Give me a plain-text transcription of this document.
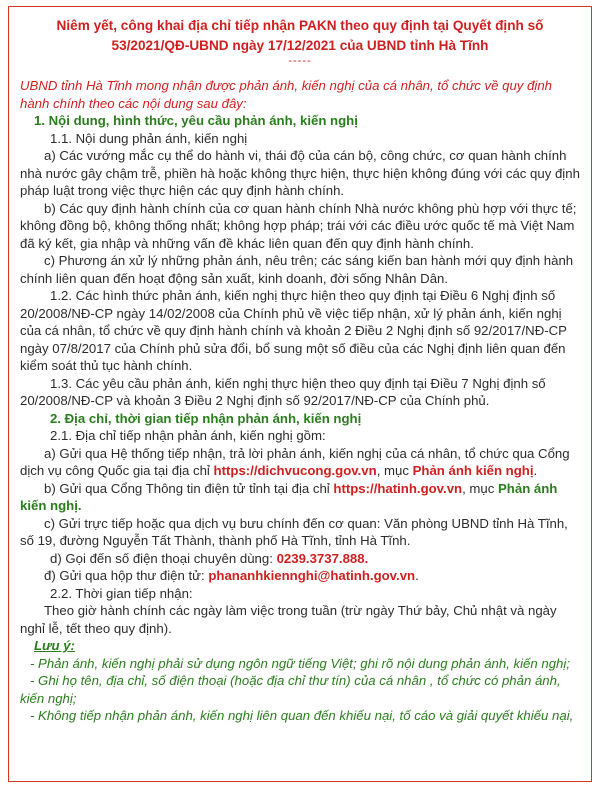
Niêm yết, công khai địa chỉ tiếp nhận PAKN theo quy định tại Quyết định số

53/2021/QĐ-UBND ngày 17/12/2021 của UBND tỉnh Hà Tĩnh

-----

UBND tỉnh Hà Tĩnh mong nhận được phản ánh, kiến nghị của cá nhân, tổ chức về quy định hành chính theo các nội dung sau đây:

1. Nội dung, hình thức, yêu cầu phản ánh, kiến nghị

1.1. Nội dung phản ánh, kiến nghị

a) Các vướng mắc cụ thể do hành vi, thái độ của cán bộ, công chức, cơ quan hành chính nhà nước gây chậm trễ, phiền hà hoặc không thực hiện, thực hiện không đúng với các quy định pháp luật trong việc thực hiện các quy định hành chính.

b) Các quy định hành chính của cơ quan hành chính Nhà nước không phù hợp với thực tế; không đồng bộ, không thống nhất; không hợp pháp; trái với các điều ước quốc tế mà Việt Nam đã ký kết, gia nhập và những vấn đề khác liên quan đến quy định hành chính.

c) Phương án xử lý những phản ánh, nêu trên; các sáng kiến ban hành mới quy định hành chính liên quan đến hoạt động sản xuất, kinh doanh, đời sống Nhân Dân.

1.2. Các hình thức phản ánh, kiến nghị thực hiện theo quy định tại Điều 6 Nghị định số 20/2008/NĐ-CP ngày 14/02/2008 của Chính phủ về việc tiếp nhận, xử lý phản ánh, kiến nghị của cá nhân, tổ chức về quy định hành chính và khoản 2 Điều 2 Nghị định số 92/2017/NĐ-CP ngày 07/8/2017 của Chính phủ sửa đổi, bổ sung một số điều của các Nghị định liên quan đến kiểm soát thủ tục hành chính.

1.3. Các yêu cầu phản ánh, kiến nghị thực hiện theo quy định tại Điều 7 Nghị định số 20/2008/NĐ-CP và khoản 3 Điều 2 Nghị định số 92/2017/NĐ-CP của Chính phủ.

2. Địa chỉ, thời gian tiếp nhận phản ánh, kiến nghị

2.1. Địa chỉ tiếp nhận phản ánh, kiến nghị gồm:

a) Gửi qua Hệ thống tiếp nhận, trả lời phản ánh, kiến nghị của cá nhân, tổ chức qua Cổng dịch vụ công Quốc gia tại địa chỉ https://dichvucong.gov.vn, mục Phản ánh kiến nghị.

b) Gửi qua Cổng Thông tin điện tử tỉnh tại địa chỉ https://hatinh.gov.vn, mục Phản ánh kiến nghị.

c) Gửi trực tiếp hoặc qua dịch vụ bưu chính đến cơ quan: Văn phòng UBND tỉnh Hà Tĩnh, số 19, đường Nguyễn Tất Thành, thành phố Hà Tĩnh, tỉnh Hà Tĩnh.

d) Gọi đến số điện thoại chuyên dùng: 0239.3737.888.

đ) Gửi qua hộp thư điện tử: phananhkiennghi@hatinh.gov.vn.

2.2. Thời gian tiếp nhận:

Theo giờ hành chính các ngày làm việc trong tuần (trừ ngày Thứ bảy, Chủ nhật và ngày nghỉ lễ, tết theo quy định).

Lưu ý:

- Phản ánh, kiến nghị phải sử dụng ngôn ngữ tiếng Việt; ghi rõ nội dung phản ánh, kiến nghị;

- Ghi họ tên, địa chỉ, số điện thoại (hoặc địa chỉ thư tín) của cá nhân , tổ chức có phản ánh, kiến nghị;

- Không tiếp nhận phản ánh, kiến nghị liên quan đến khiếu nại, tố cáo và giải quyết khiếu nại,
